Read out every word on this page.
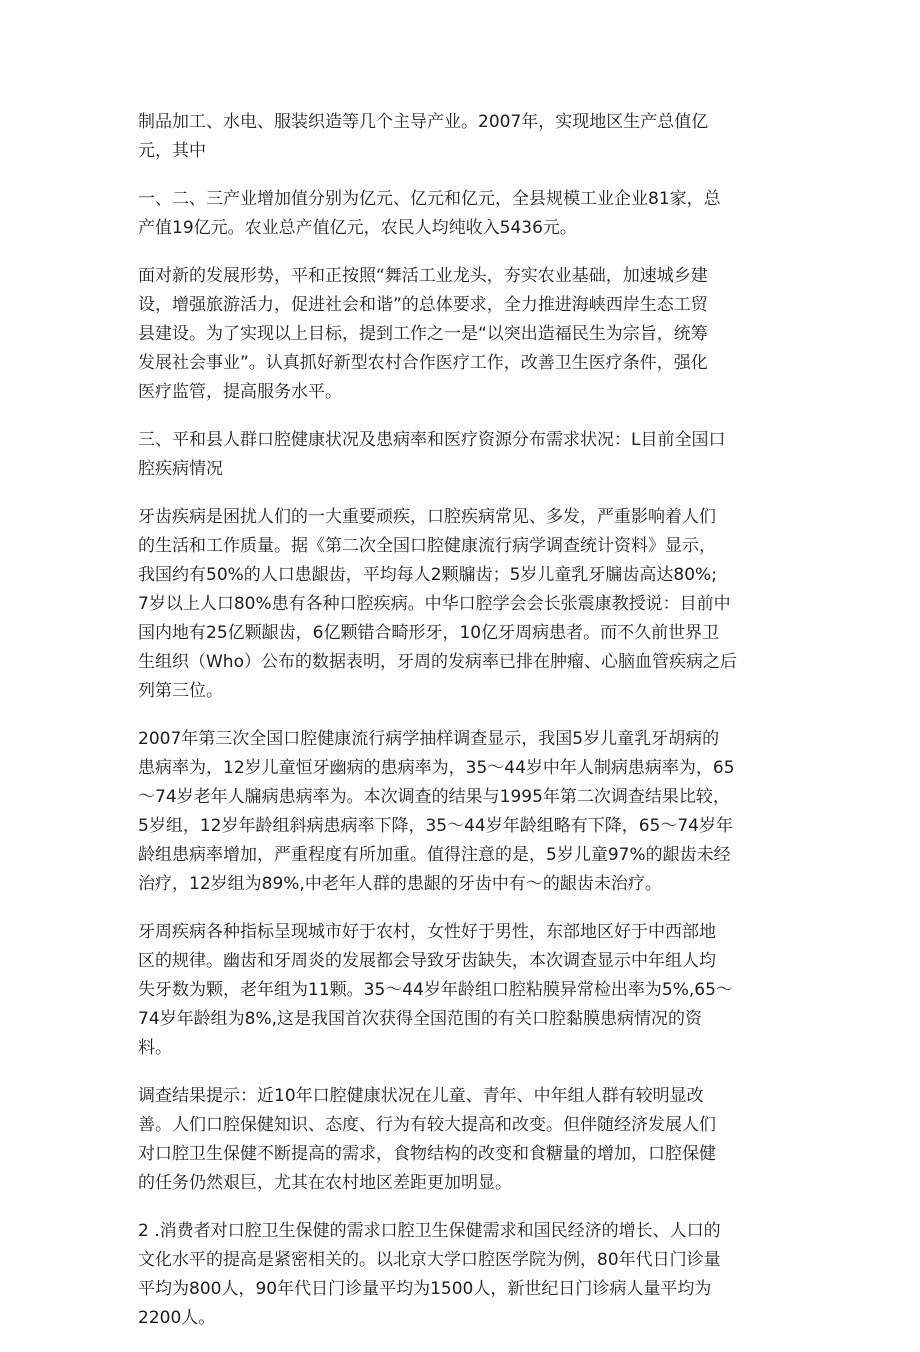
制品加工、水电、服装织造等几个主导产业。2007年，实现地区生产总值亿
元，其中
一、二、三产业增加值分别为亿元、亿元和亿元，全县规模工业企业81家，总
产值19亿元。农业总产值亿元，农民人均纯收入5436元。
面对新的发展形势，平和正按照“舞活工业龙头，夯实农业基础，加速城乡建
设，增强旅游活力，促进社会和谐”的总体要求，全力推进海峡西岸生态工贸
县建设。为了实现以上目标，提到工作之一是“以突出造福民生为宗旨，统筹
发展社会事业”。认真抓好新型农村合作医疗工作，改善卫生医疗条件，强化
医疗监管，提高服务水平。
三、平和县人群口腔健康状况及患病率和医疗资源分布需求状况：L目前全国口
腔疾病情况
牙齿疾病是困扰人们的一大重要顽疾，口腔疾病常见、多发，严重影响着人们
的生活和工作质量。据《第二次全国口腔健康流行病学调查统计资料》显示，
我国约有50%的人口患龈齿，平均每人2颗牖齿；5岁儿童乳牙牖齿高达80%;
7岁以上人口80%患有各种口腔疾病。中华口腔学会会长张震康教授说：目前中
国内地有25亿颗龈齿，6亿颗错合畸形牙，10亿牙周病患者。而不久前世界卫
生组织（Who）公布的数据表明，牙周的发病率已排在肿瘤、心脑血管疾病之后
列第三位。
2007年第三次全国口腔健康流行病学抽样调查显示，我国5岁儿童乳牙胡病的
患病率为，12岁儿童恒牙幽病的患病率为，35〜44岁中年人制病患病率为，65
〜74岁老年人牖病患病率为。本次调查的结果与1995年第二次调查结果比较，
5岁组，12岁年龄组斜病患病率下降，35〜44岁年龄组略有下降，65〜74岁年
龄组患病率增加，严重程度有所加重。值得注意的是，5岁儿童97%的龈齿未经
治疗，12岁组为89%,中老年人群的患龈的牙齿中有〜的龈齿未治疗。
牙周疾病各种指标呈现城市好于农村，女性好于男性，东部地区好于中西部地
区的规律。幽齿和牙周炎的发展都会导致牙齿缺失，本次调查显示中年组人均
失牙数为颗，老年组为11颗。35〜44岁年龄组口腔粘膜异常检出率为5%,65〜
74岁年龄组为8%,这是我国首次获得全国范围的有关口腔黏膜患病情况的资
料。
调查结果提示：近10年口腔健康状况在儿童、青年、中年组人群有较明显改
善。人们口腔保健知识、态度、行为有较大提高和改变。但伴随经济发展人们
对口腔卫生保健不断提高的需求，食物结构的改变和食糖量的增加，口腔保健
的任务仍然艰巨，尤其在农村地区差距更加明显。
2 .消费者对口腔卫生保健的需求口腔卫生保健需求和国民经济的增长、人口的
文化水平的提高是紧密相关的。以北京大学口腔医学院为例，80年代日门诊量
平均为800人，90年代日门诊量平均为1500人，新世纪日门诊病人量平均为
2200人。
